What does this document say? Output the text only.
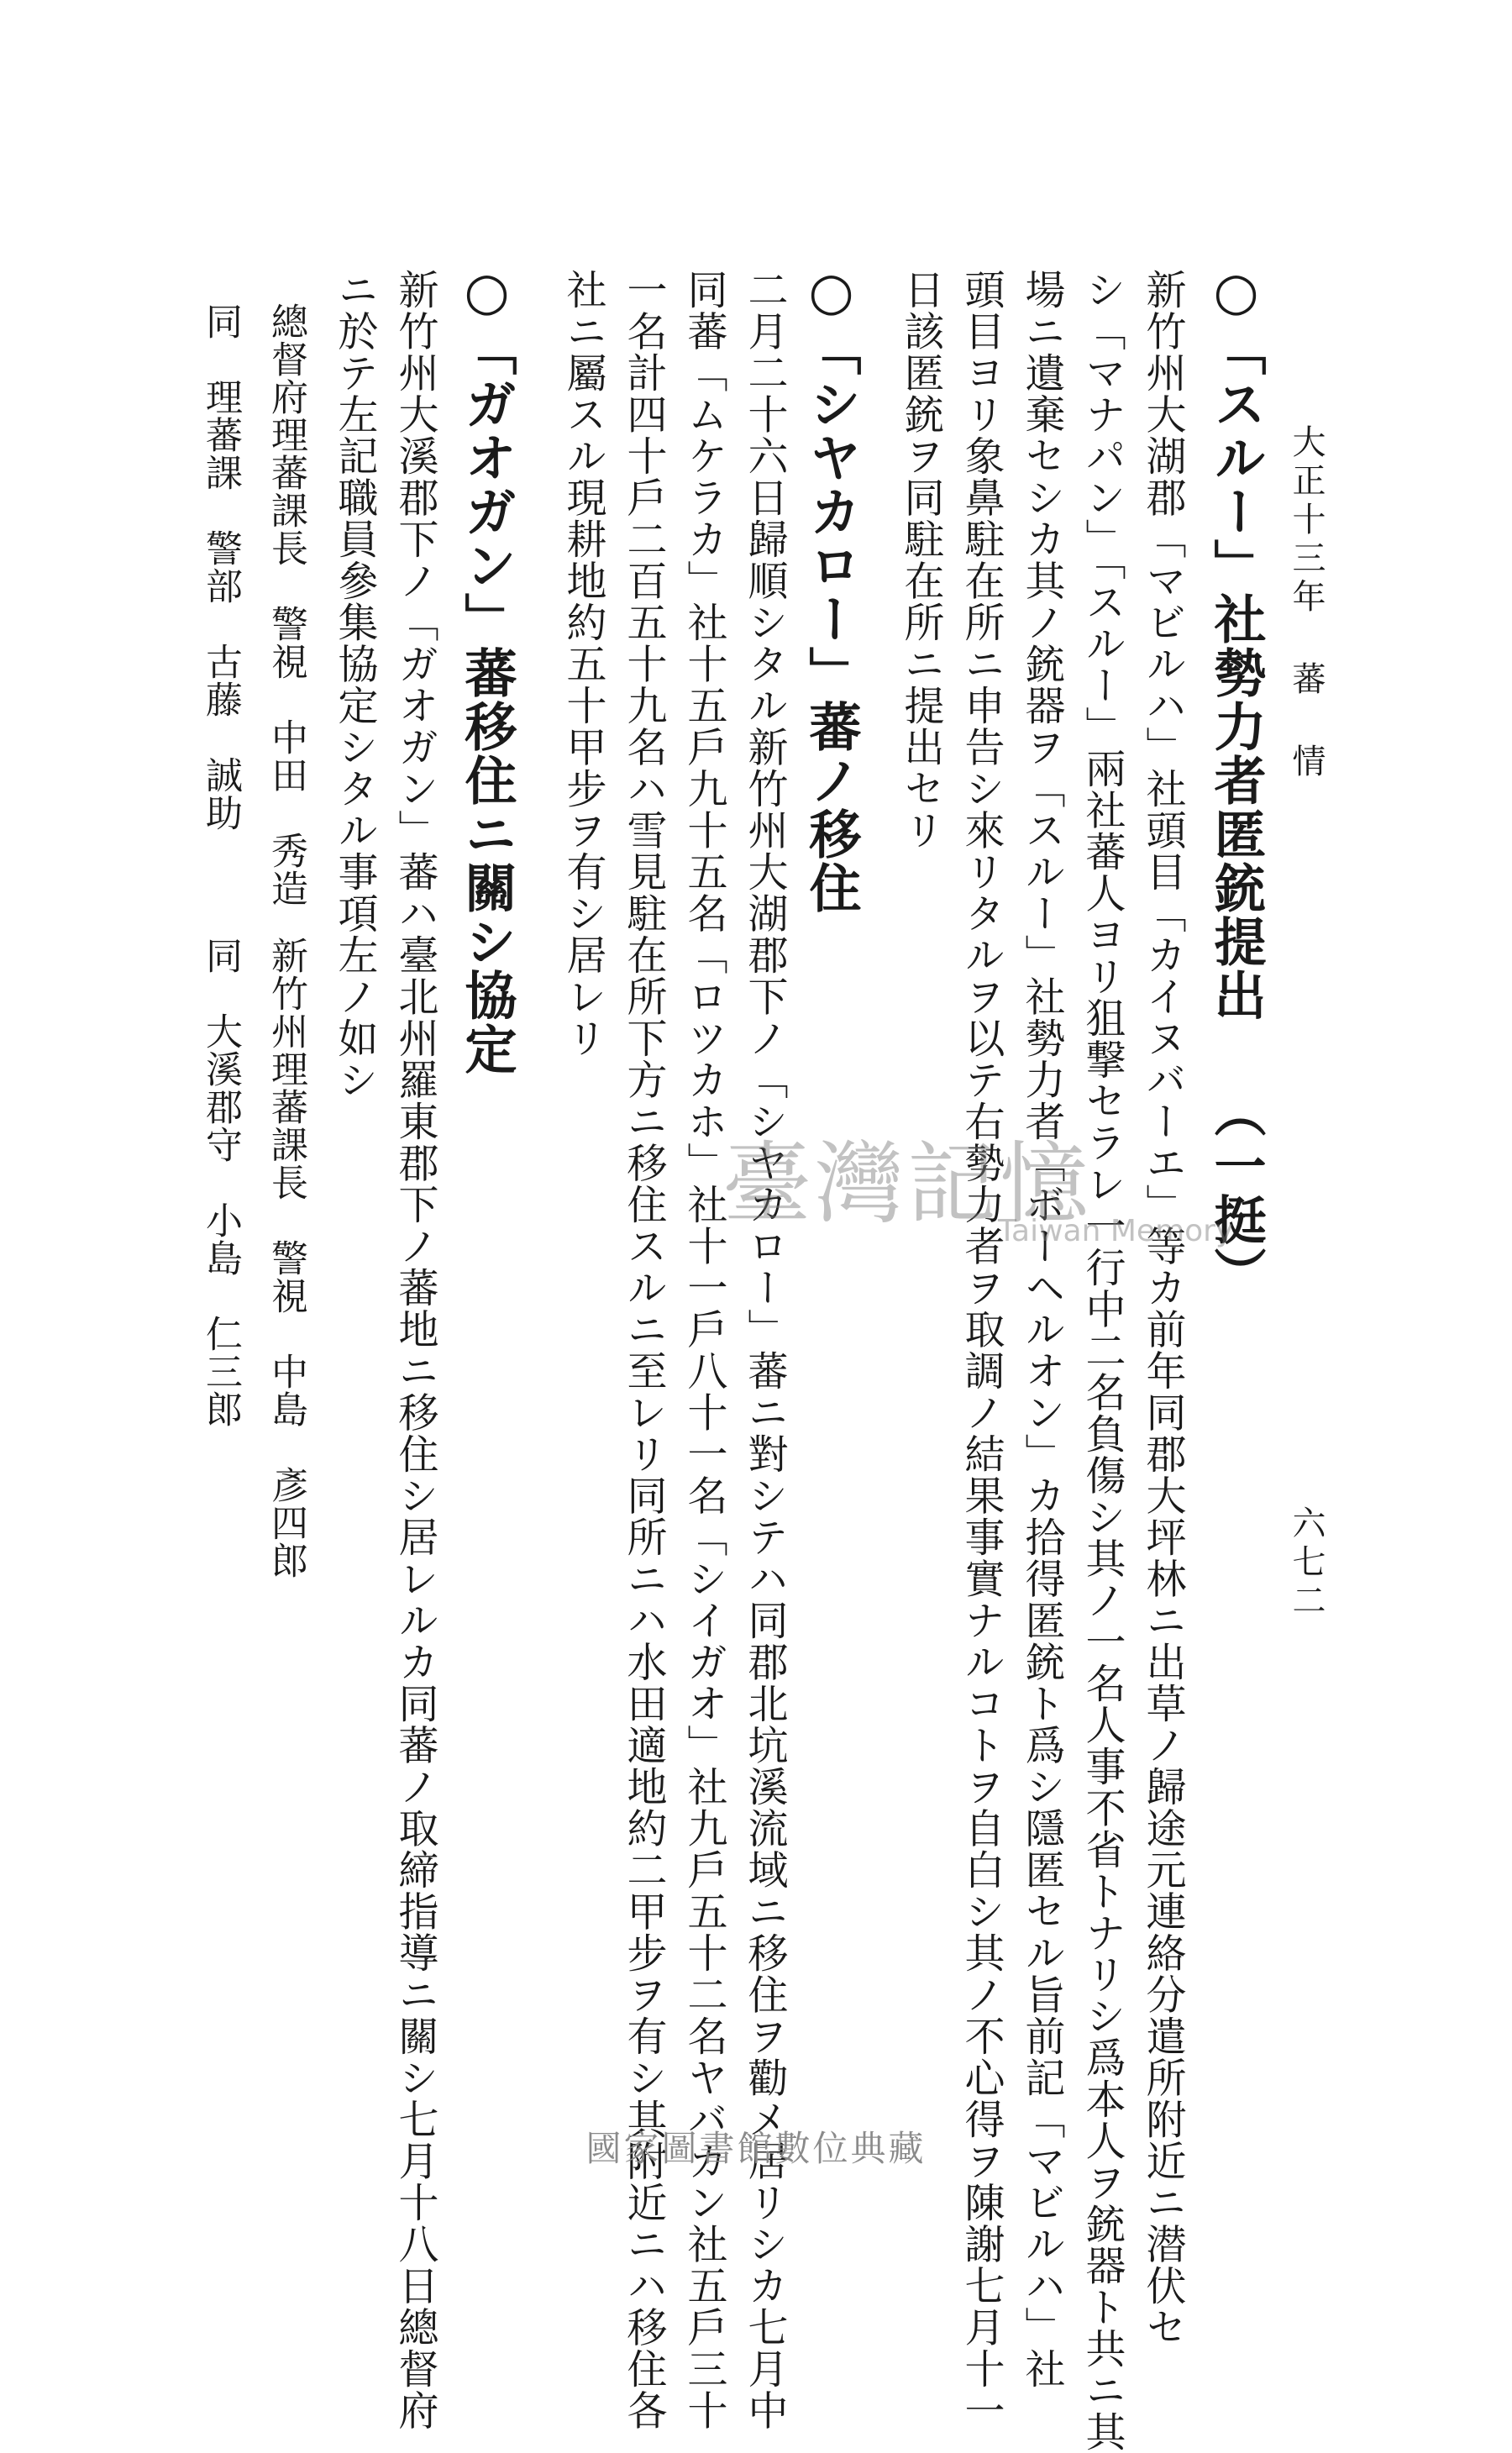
大正十三年 蕃 情
六七二
○「スルー」社勢力者匿銃提出 （一挺）
新竹州大湖郡「マビルハ」社頭目「カイヌバーエ」等カ前年同郡大坪林ニ出草ノ歸途元連絡分遣所附近ニ潜伏セ
シ「マナパン」「スルー」兩社蕃人ヨリ狙撃セラレ一行中二名負傷シ其ノ一名人事不省トナリシ爲本人ヲ銃器ト共ニ其
場ニ遺棄セシカ其ノ銃器ヲ「スルー」社勢力者「ボーヘルオン」カ拾得匿銃ト爲シ隱匿セル旨前記「マビルハ」社
頭目ヨリ象鼻駐在所ニ申告シ來リタルヲ以テ右勢力者ヲ取調ノ結果事實ナルコトヲ自白シ其ノ不心得ヲ陳謝七月十一
日該匿銃ヲ同駐在所ニ提出セリ
○「シヤカロー」蕃ノ移住
二月二十六日歸順シタル新竹州大湖郡下ノ「シヤカロー」蕃ニ對シテハ同郡北坑溪流域ニ移住ヲ勸メ居リシカ七月中
同蕃「ムケラカ」社十五戶九十五名「ロツカホ」社十一戶八十一名「シイガオ」社九戶五十二名ヤバカン社五戶三十
一名計四十戶二百五十九名ハ雪見駐在所下方ニ移住スルニ至レリ同所ニハ水田適地約二甲步ヲ有シ其附近ニハ移住各
社ニ屬スル現耕地約五十甲步ヲ有シ居レリ
○「ガオガン」蕃移住ニ關シ協定
新竹州大溪郡下ノ「ガオガン」蕃ハ臺北州羅東郡下ノ蕃地ニ移住シ居レルカ同蕃ノ取締指導ニ關シ七月十八日總督府
ニ於テ左記職員參集協定シタル事項左ノ如シ
總督府理蕃課長　警視　中田　秀造
新竹州理蕃課長　警視　中島　彥四郎
同　理蕃課　警部　古藤　誠助
同　大溪郡守　小島　仁三郎	臺灣記憶
Taiwan Memory
國家圖書館數位典藏
